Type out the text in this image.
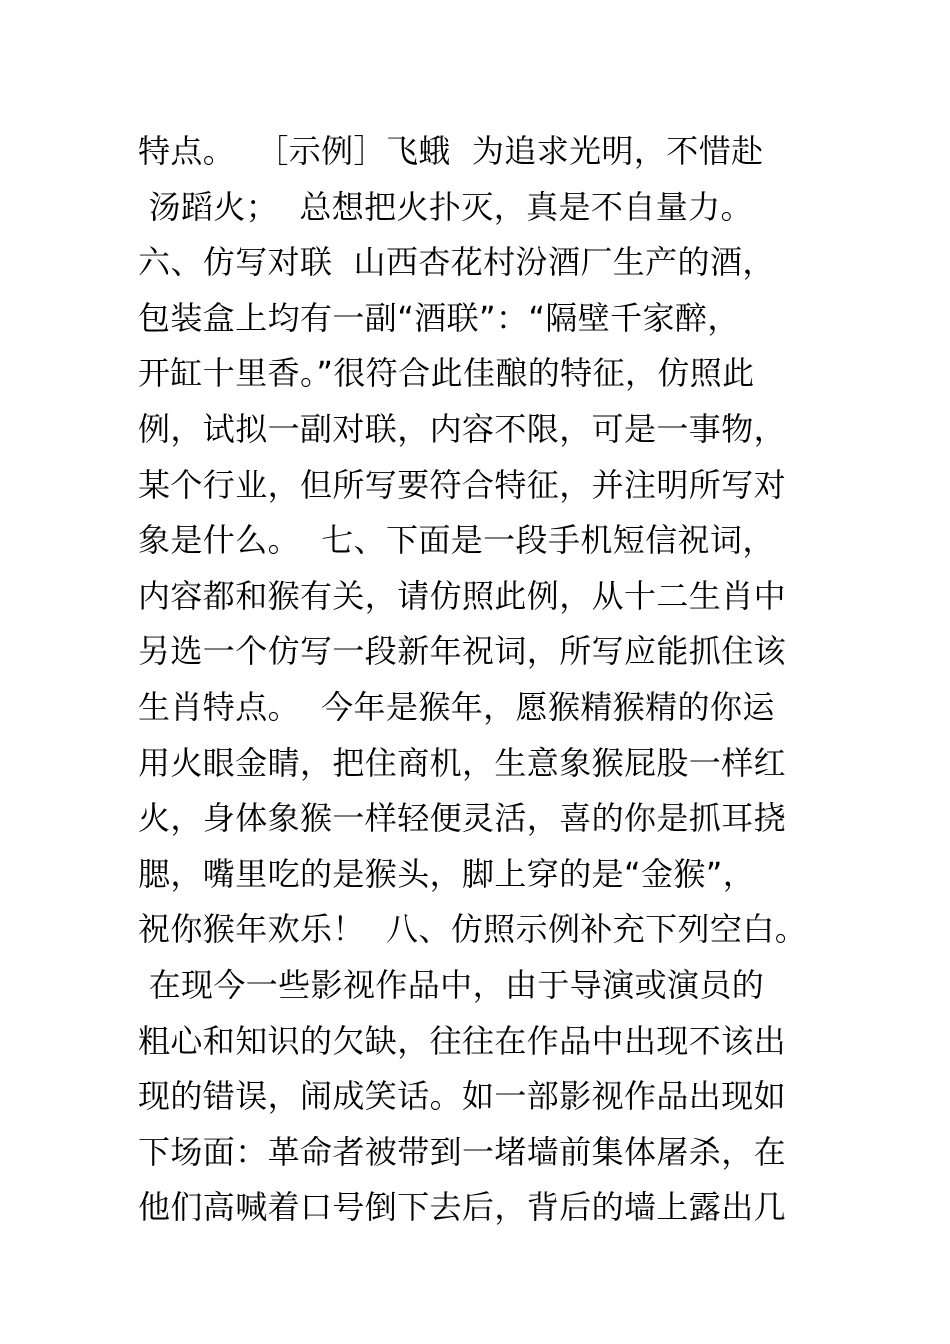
特点。  ［示例］飞蛾  为追求光明，不惜赴
汤蹈火；  总想把火扑灭，真是不自量力。
六、仿写对联  山西杏花村汾酒厂生产的酒，
包装盒上均有一副“酒联”：“隔壁千家醉，
开缸十里香。”很符合此佳酿的特征，仿照此
例，试拟一副对联，内容不限，可是一事物，
某个行业，但所写要符合特征，并注明所写对
象是什么。  七、下面是一段手机短信祝词，
内容都和猴有关，请仿照此例，从十二生肖中
另选一个仿写一段新年祝词，所写应能抓住该
生肖特点。  今年是猴年，愿猴精猴精的你运
用火眼金睛，把住商机，生意象猴屁股一样红
火，身体象猴一样轻便灵活，喜的你是抓耳挠
腮，嘴里吃的是猴头，脚上穿的是“金猴”，
祝你猴年欢乐！  八、仿照示例补充下列空白。
在现今一些影视作品中，由于导演或演员的
粗心和知识的欠缺，往往在作品中出现不该出
现的错误，闹成笑话。如一部影视作品出现如
下场面：革命者被带到一堵墙前集体屠杀，在
他们高喊着口号倒下去后，背后的墙上露出几
